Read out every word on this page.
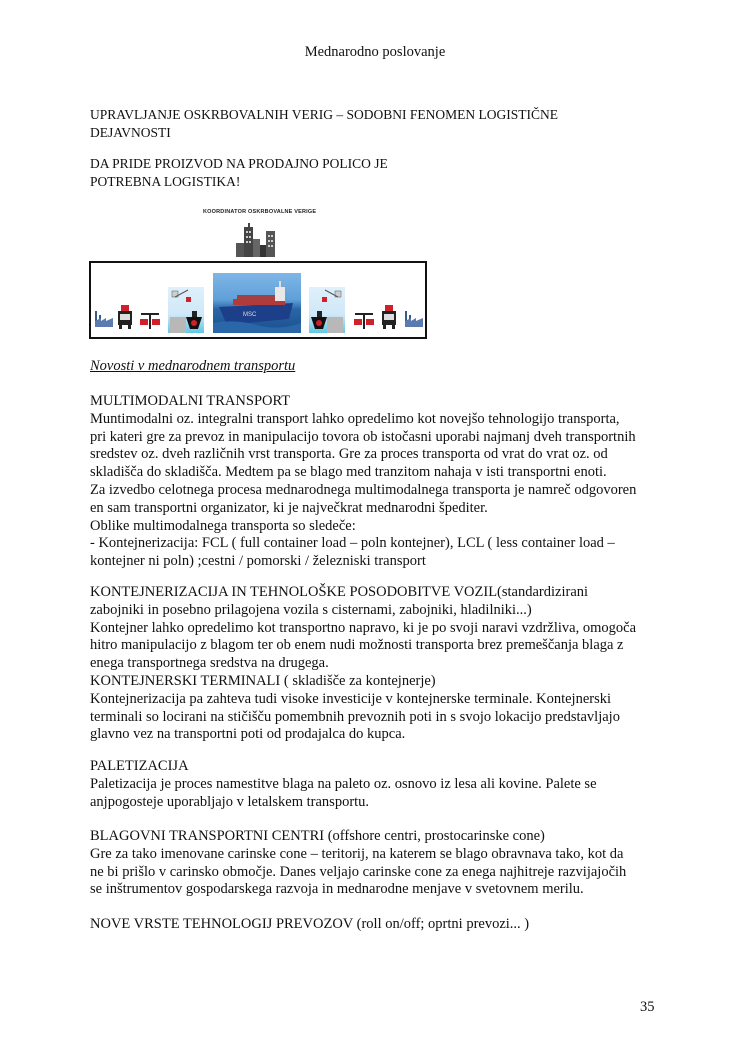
Mednarodno poslovanje
UPRAVLJANJE OSKRBOVALNIH VERIG – SODOBNI FENOMEN LOGISTIČNE
DEJAVNOSTI
DA PRIDE PROIZVOD NA PRODAJNO POLICO JE
POTREBNA LOGISTIKA!
KOORDINATOR OSKRBOVALNE VERIGE
MSC
Novosti v mednarodnem transportu
MULTIMODALNI TRANSPORT
Muntimodalni oz. integralni transport lahko opredelimo kot novejšo tehnologijo transporta,
pri kateri gre za prevoz in manipulacijo tovora ob istočasni uporabi najmanj dveh transportnih
sredstev oz. dveh različnih vrst transporta. Gre za proces transporta od vrat do vrat oz. od
skladišča do skladišča. Medtem pa se blago med tranzitom nahaja v isti transportni enoti.
Za izvedbo celotnega procesa mednarodnega multimodalnega transporta je namreč odgovoren
en sam transportni organizator, ki je največkrat mednarodni špediter.
Oblike multimodalnega transporta so sledeče:
- Kontejnerizacija: FCL ( full container load – poln kontejner), LCL ( less container load –
kontejner ni poln) ;cestni / pomorski / železniski transport
KONTEJNERIZACIJA IN TEHNOLOŠKE POSODOBITVE VOZIL(standardizirani
zabojniki in posebno prilagojena vozila s cisternami, zabojniki, hladilniki...)
Kontejner lahko opredelimo kot transportno napravo, ki je po svoji naravi vzdržliva, omogoča
hitro manipulacijo z blagom ter ob enem nudi možnosti transporta brez premeščanja blaga z
enega transportnega sredstva na drugega.
KONTEJNERSKI TERMINALI ( skladišče za kontejnerje)
Kontejnerizacija pa zahteva tudi visoke investicije v kontejnerske terminale. Kontejnerski
terminali so locirani na stičišču pomembnih prevoznih poti in s svojo lokacijo predstavljajo
glavno vez na transportni poti od prodajalca do kupca.
PALETIZACIJA
Paletizacija je proces namestitve blaga na paleto oz. osnovo iz lesa ali kovine. Palete se
anjpogosteje uporabljajo v letalskem transportu.
BLAGOVNI TRANSPORTNI CENTRI (offshore centri, prostocarinske cone)
Gre za tako imenovane carinske cone – teritorij, na katerem se blago obravnava tako, kot da
ne bi prišlo v carinsko območje. Danes veljajo carinske cone za enega najhitreje razvijajočih
se inštrumentov gospodarskega razvoja in mednarodne menjave v svetovnem merilu.
NOVE VRSTE TEHNOLOGIJ PREVOZOV (roll on/off; oprtni prevozi... )
35
